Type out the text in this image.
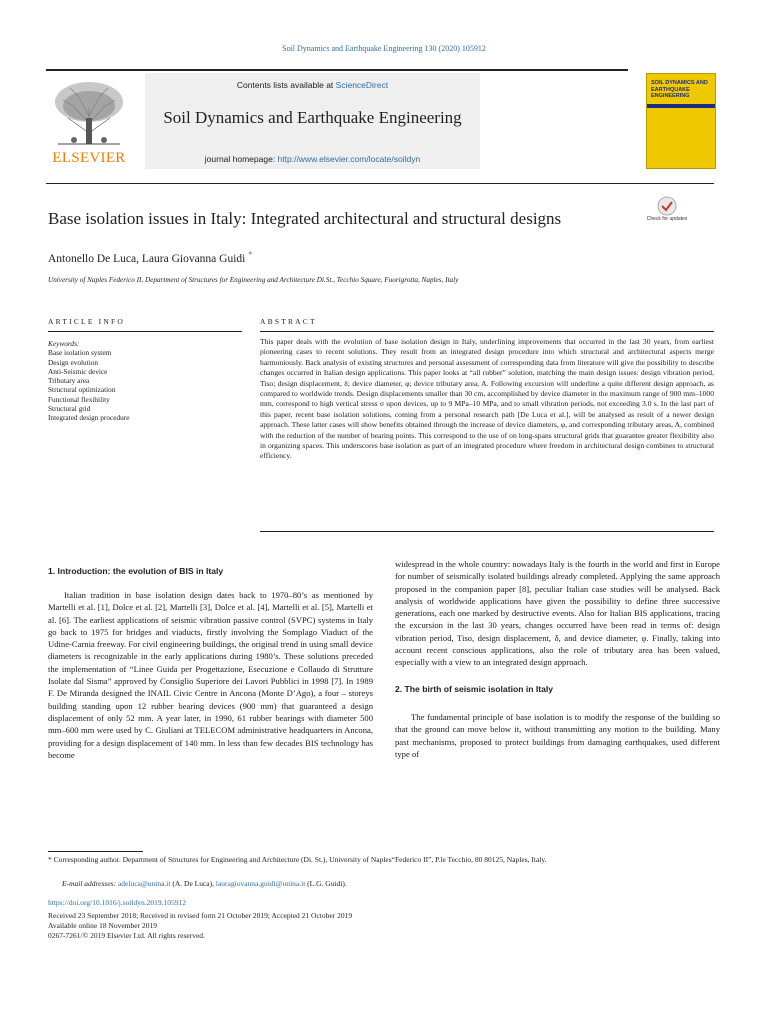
Soil Dynamics and Earthquake Engineering 130 (2020) 105912
ELSEVIER
Contents lists available at ScienceDirect
Soil Dynamics and Earthquake Engineering
journal homepage: http://www.elsevier.com/locate/soildyn
SOIL DYNAMICS AND EARTHQUAKE ENGINEERING
Base isolation issues in Italy: Integrated architectural and structural designs	Check for updates
Antonello De Luca, Laura Giovanna Guidi *
University of Naples Federico II, Department of Structures for Engineering and Architecture Di.St., Tecchio Square, Fuorigrotta, Naples, Italy
ARTICLE INFO	ABSTRACT
Keywords:
Base isolation system
Design evolution
Anti-Seismic device
Tributary area
Structural optimization
Functional flexibility
Structural grid
Integrated design procedure
This paper deals with the evolution of base isolation design in Italy, underlining improvements that occurred in the last 30 years, from earliest pioneering cases to recent solutions. They result from an integrated design procedure into which structural and architectural aspects merge harmoniously. Back analysis of existing structures and personal assessment of corresponding data from literature will give the possibility to describe changes occurred in Italian design applications. This paper looks at “all rubber” solution, matching the main design issues: design vibration period, Tiso; design displacement, δ; device diameter, φ; device tributary area, A. Following excursion will underline a quite different design approach, as compared to worldwide trends. Design displacements smaller than 30 cm, accomplished by device diameter in the maximum range of 900 mm–1000 mm, correspond to high vertical stress σ upon devices, up to 9 MPa–10 MPa, and to small vibration periods, not exceeding 3.0 s. In the last part of this paper, recent base isolation solutions, coming from a personal research path [De Luca et al.], will be analysed as result of a newer design approach. These latter cases will show benefits obtained through the increase of device diameters, φ, and corresponding tributary areas, A, combined with the reduction of the number of bearing points. This correspond to the use of on long-spans structural grids that guarantee greater flexibility also in organizing spaces. This underscores base isolation as part of an integrated procedure where freedom in architectural design combines to structural efficiency.
1. Introduction: the evolution of BIS in Italy

Italian tradition in base isolation design dates back to 1970–80’s as mentioned by Martelli et al. [1], Dolce et al. [2], Martelli [3], Dolce et al. [4], Martelli et al. [5], Martelli et al. [6]. The earliest applications of seismic vibration passive control (SVPC) systems in Italy go back to 1975 for bridges and viaducts, firstly involving the Somplago Viaduct of the Udine-Carnia freeway. For civil engineering buildings, the original trend in using small device diameters is recognizable in the early applications during 1980’s. These solutions preceded the implementation of “Linee Guida per Progettazione, Esecuzione e Collaudo di Strutture Isolate dal Sisma” approved by Consiglio Superiore dei Lavori Pubblici in 1998 [7]. In 1989 F. De Miranda designed the INAIL Civic Centre in Ancona (Monte D’Ago), a four – storeys building standing upon 12 rubber bearing devices (900 mm) that guaranteed a design displacement of only 52 mm. A year later, in 1990, 61 rubber bearings with diameter 500 mm–600 mm were used by C. Giuliani at TELECOM administrative headquarters in Ancona, providing for a design displacement of 140 mm. In less than few decades BIS technology has become

widespread in the whole country: nowadays Italy is the fourth in the world and first in Europe for number of seismically isolated buildings already completed. Applying the same approach proposed in the companion paper [8], peculiar Italian case studies will be analysed. Back analysis of worldwide applications have given the possibility to define three successive generations, each one marked by destructive events. Also for Italian BIS applications, tracing the excursion in the last 30 years, changes occurred have been read in terms of: design vibration period, Tiso, design displacement, δ, and device diameter, φ. Finally, taking into account recent conscious applications, also the role of tributary area has been valued, especially with a view to an integrated design approach.

2. The birth of seismic isolation in Italy

The fundamental principle of base isolation is to modify the response of the building so that the ground can move below it, without transmitting any motion to the building. Many past mechanisms, proposed to protect buildings from damaging earthquakes, used different type of

* Corresponding author. Department of Structures for Engineering and Architecture (Di. St.), University of Naples“Federico II”, P.le Tecchio, 80 80125, Naples, Italy.
E-mail addresses: adeluca@unina.it (A. De Luca), lauragiovanna.guidi@unina.it (L.G. Guidi).
https://doi.org/10.1016/j.soildyn.2019.105912
Received 23 September 2018; Received in revised form 21 October 2019; Accepted 21 October 2019
Available online 18 November 2019
0267-7261/© 2019 Elsevier Ltd. All rights reserved.
